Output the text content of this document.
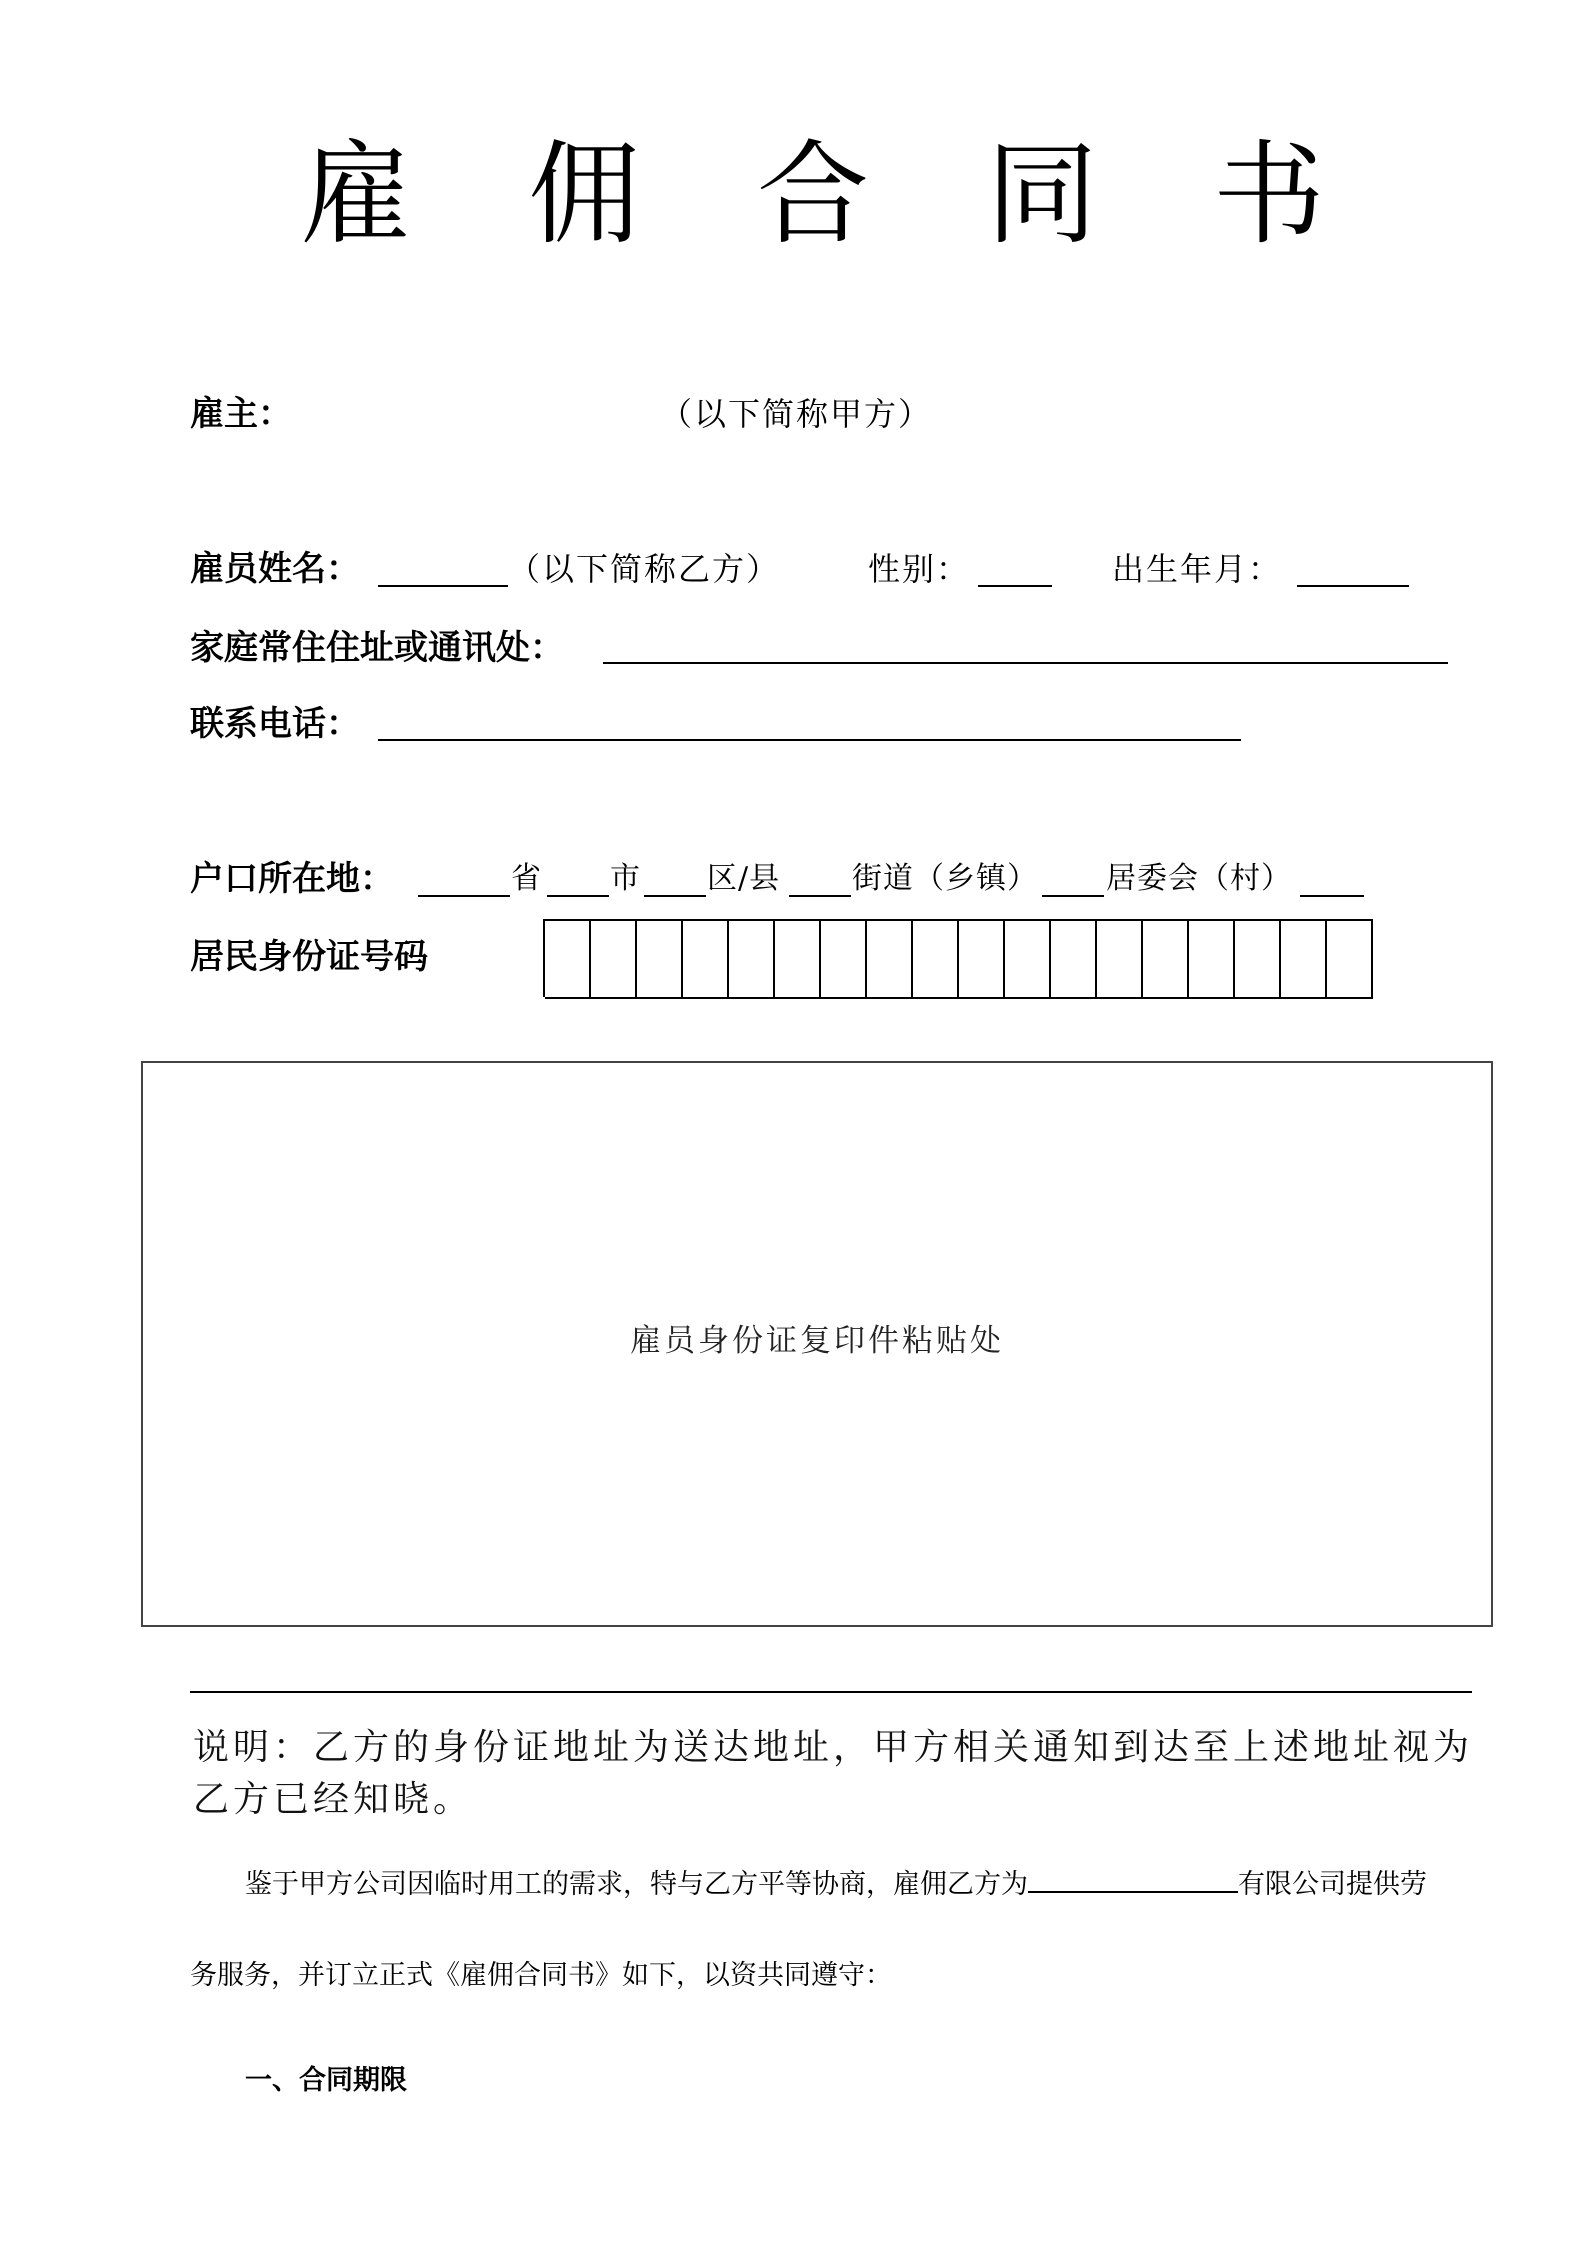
雇 佣 合 同 书
雇主：	（以下简称甲方）
雇员姓名：	（以下简称乙方）	性别：	出生年月：
家庭常住住址或通讯处：
联系电话：
户口所在地：	省 市 区/县 街道（乡镇） 居委会（村）
居民身份证号码
雇员身份证复印件粘贴处
说明：乙方的身份证地址为送达地址，甲方相关通知到达至上述地址视为乙方已经知晓。
鉴于甲方公司因临时用工的需求，特与乙方平等协商，雇佣乙方为	有限公司提供劳
务服务，并订立正式《雇佣合同书》如下，以资共同遵守：
一、合同期限
